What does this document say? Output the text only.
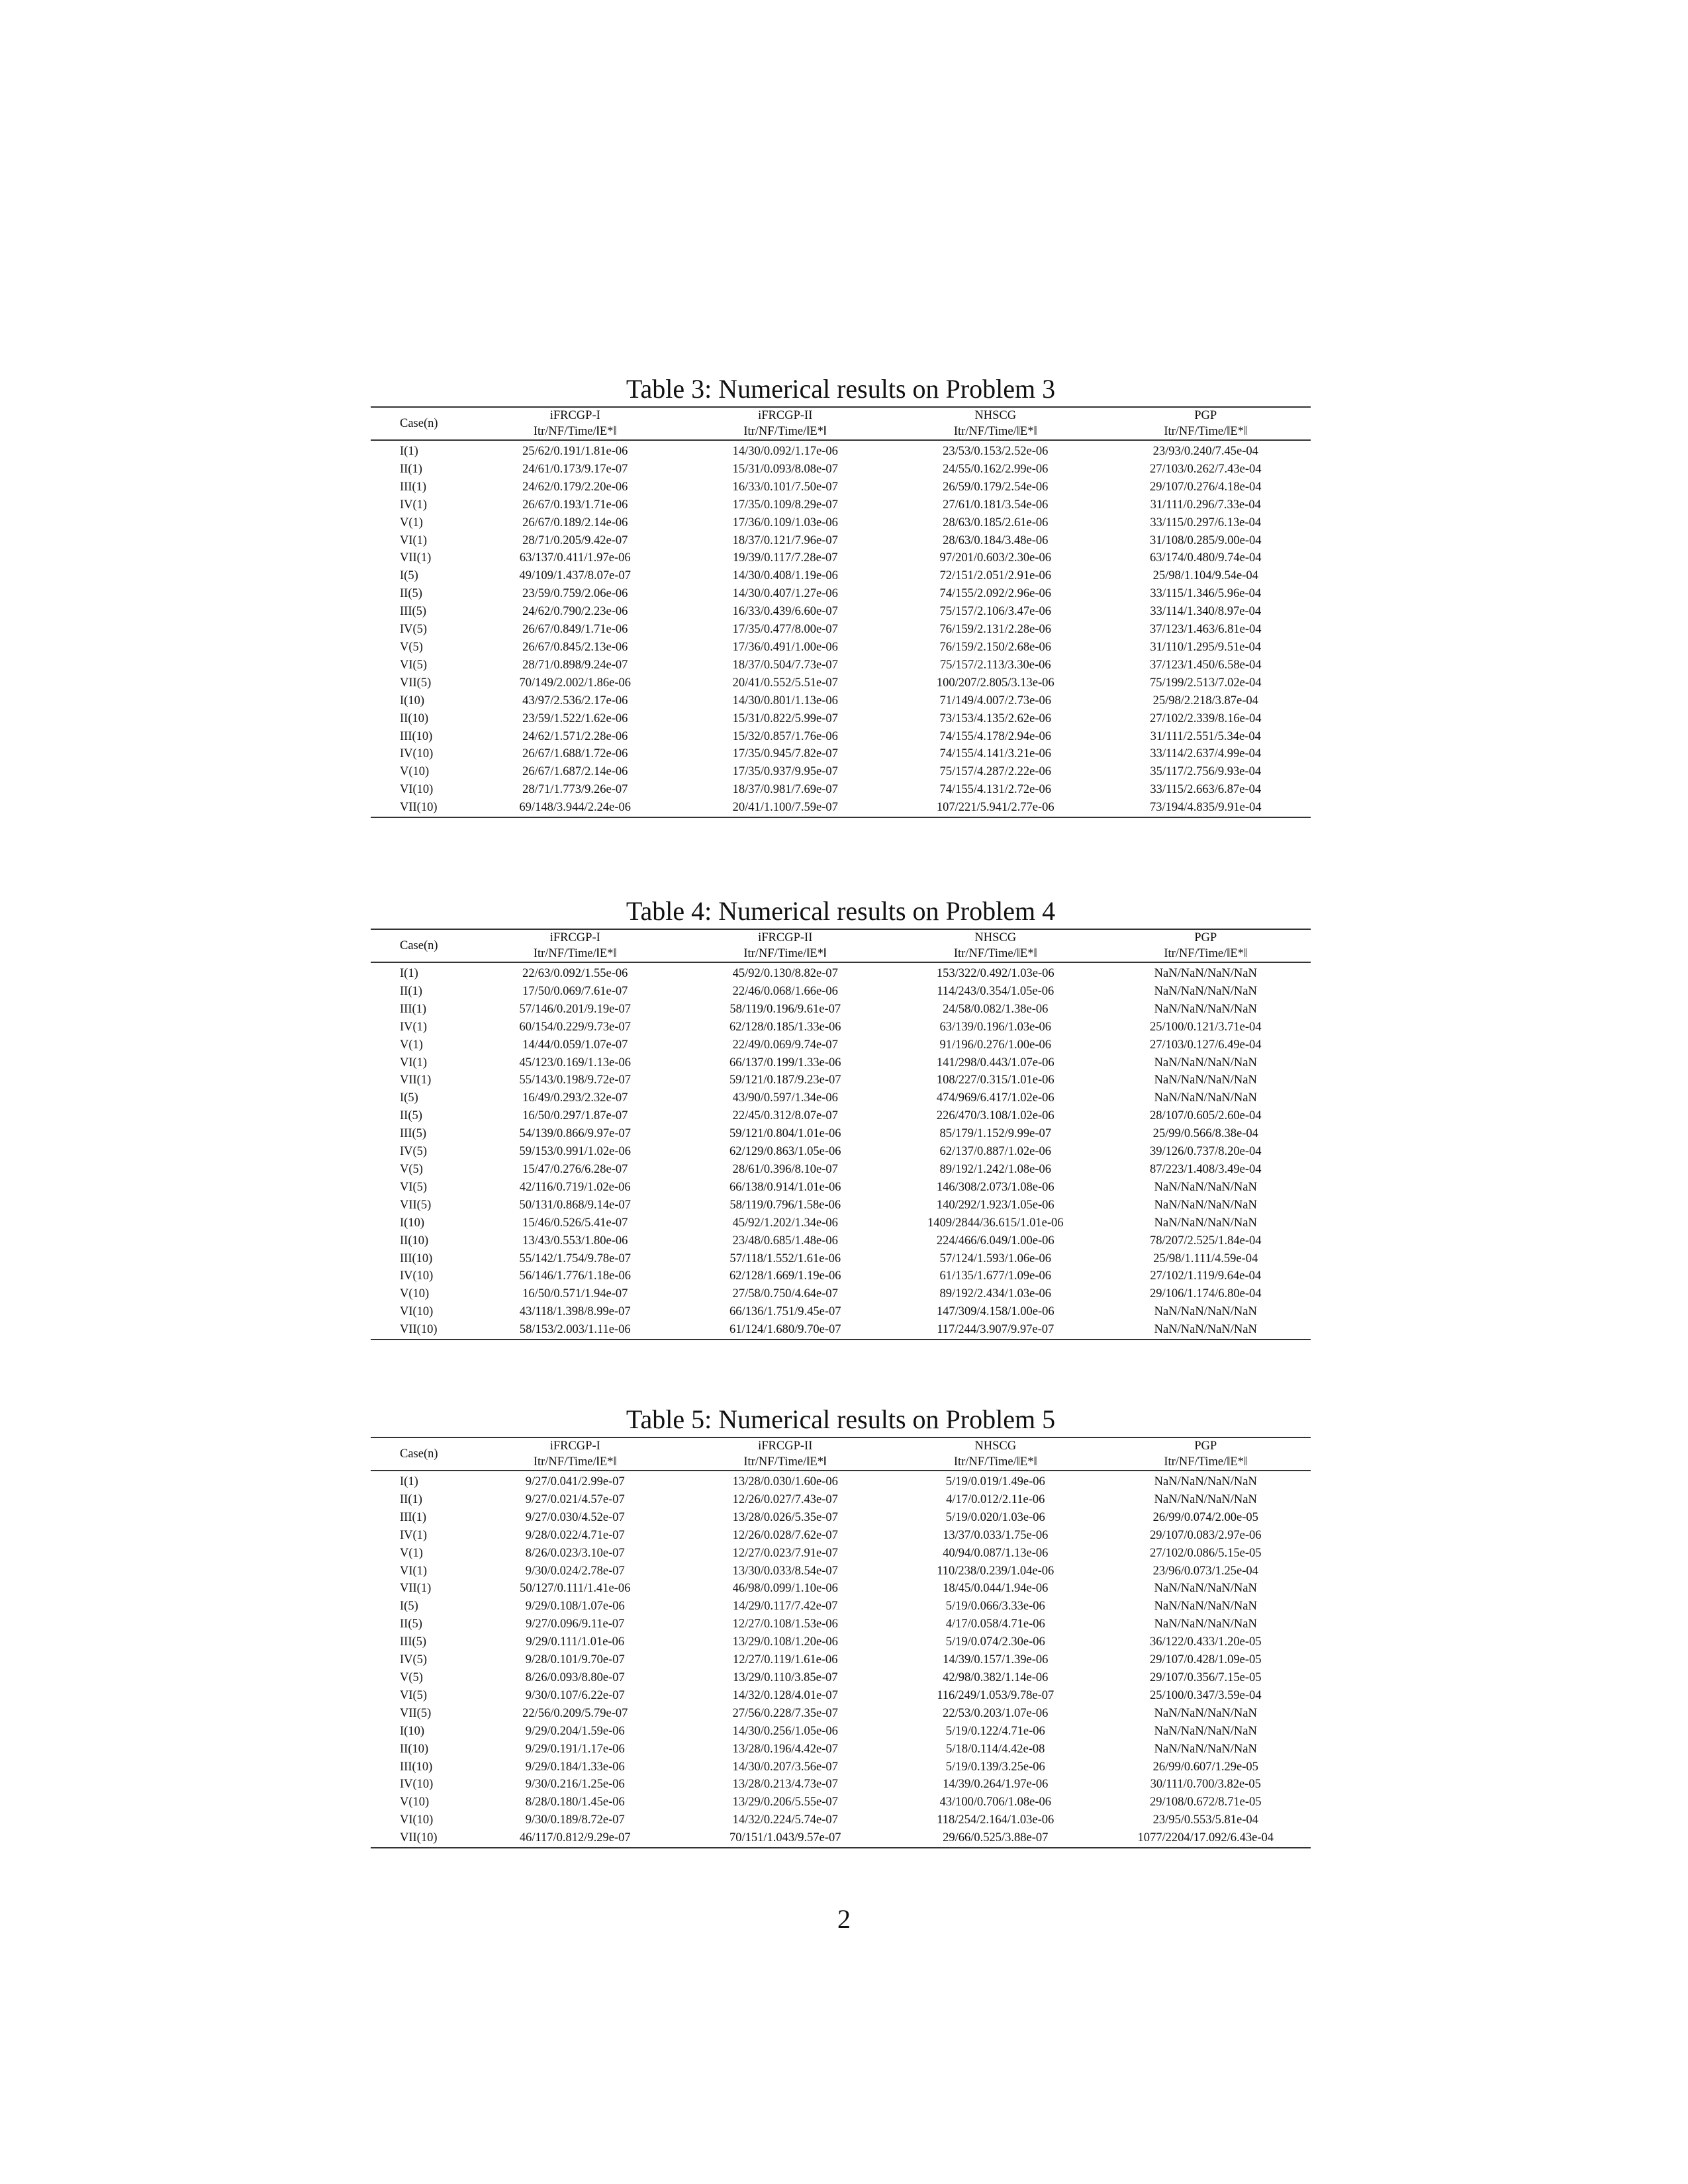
Table 3: Numerical results on Problem 3
Case(n)	iFRCGP-I	iFRCGP-II	NHSCG	PGP
	Itr/NF/Time/‖E*‖	Itr/NF/Time/‖E*‖	Itr/NF/Time/‖E*‖	Itr/NF/Time/‖E*‖
I(1)	25/62/0.191/1.81e-06	14/30/0.092/1.17e-06	23/53/0.153/2.52e-06	23/93/0.240/7.45e-04
II(1)	24/61/0.173/9.17e-07	15/31/0.093/8.08e-07	24/55/0.162/2.99e-06	27/103/0.262/7.43e-04
III(1)	24/62/0.179/2.20e-06	16/33/0.101/7.50e-07	26/59/0.179/2.54e-06	29/107/0.276/4.18e-04
IV(1)	26/67/0.193/1.71e-06	17/35/0.109/8.29e-07	27/61/0.181/3.54e-06	31/111/0.296/7.33e-04
V(1)	26/67/0.189/2.14e-06	17/36/0.109/1.03e-06	28/63/0.185/2.61e-06	33/115/0.297/6.13e-04
VI(1)	28/71/0.205/9.42e-07	18/37/0.121/7.96e-07	28/63/0.184/3.48e-06	31/108/0.285/9.00e-04
VII(1)	63/137/0.411/1.97e-06	19/39/0.117/7.28e-07	97/201/0.603/2.30e-06	63/174/0.480/9.74e-04
I(5)	49/109/1.437/8.07e-07	14/30/0.408/1.19e-06	72/151/2.051/2.91e-06	25/98/1.104/9.54e-04
II(5)	23/59/0.759/2.06e-06	14/30/0.407/1.27e-06	74/155/2.092/2.96e-06	33/115/1.346/5.96e-04
III(5)	24/62/0.790/2.23e-06	16/33/0.439/6.60e-07	75/157/2.106/3.47e-06	33/114/1.340/8.97e-04
IV(5)	26/67/0.849/1.71e-06	17/35/0.477/8.00e-07	76/159/2.131/2.28e-06	37/123/1.463/6.81e-04
V(5)	26/67/0.845/2.13e-06	17/36/0.491/1.00e-06	76/159/2.150/2.68e-06	31/110/1.295/9.51e-04
VI(5)	28/71/0.898/9.24e-07	18/37/0.504/7.73e-07	75/157/2.113/3.30e-06	37/123/1.450/6.58e-04
VII(5)	70/149/2.002/1.86e-06	20/41/0.552/5.51e-07	100/207/2.805/3.13e-06	75/199/2.513/7.02e-04
I(10)	43/97/2.536/2.17e-06	14/30/0.801/1.13e-06	71/149/4.007/2.73e-06	25/98/2.218/3.87e-04
II(10)	23/59/1.522/1.62e-06	15/31/0.822/5.99e-07	73/153/4.135/2.62e-06	27/102/2.339/8.16e-04
III(10)	24/62/1.571/2.28e-06	15/32/0.857/1.76e-06	74/155/4.178/2.94e-06	31/111/2.551/5.34e-04
IV(10)	26/67/1.688/1.72e-06	17/35/0.945/7.82e-07	74/155/4.141/3.21e-06	33/114/2.637/4.99e-04
V(10)	26/67/1.687/2.14e-06	17/35/0.937/9.95e-07	75/157/4.287/2.22e-06	35/117/2.756/9.93e-04
VI(10)	28/71/1.773/9.26e-07	18/37/0.981/7.69e-07	74/155/4.131/2.72e-06	33/115/2.663/6.87e-04
VII(10)	69/148/3.944/2.24e-06	20/41/1.100/7.59e-07	107/221/5.941/2.77e-06	73/194/4.835/9.91e-04
Table 4: Numerical results on Problem 4
Case(n)	iFRCGP-I	iFRCGP-II	NHSCG	PGP
	Itr/NF/Time/‖E*‖	Itr/NF/Time/‖E*‖	Itr/NF/Time/‖E*‖	Itr/NF/Time/‖E*‖
I(1)	22/63/0.092/1.55e-06	45/92/0.130/8.82e-07	153/322/0.492/1.03e-06	NaN/NaN/NaN/NaN
II(1)	17/50/0.069/7.61e-07	22/46/0.068/1.66e-06	114/243/0.354/1.05e-06	NaN/NaN/NaN/NaN
III(1)	57/146/0.201/9.19e-07	58/119/0.196/9.61e-07	24/58/0.082/1.38e-06	NaN/NaN/NaN/NaN
IV(1)	60/154/0.229/9.73e-07	62/128/0.185/1.33e-06	63/139/0.196/1.03e-06	25/100/0.121/3.71e-04
V(1)	14/44/0.059/1.07e-07	22/49/0.069/9.74e-07	91/196/0.276/1.00e-06	27/103/0.127/6.49e-04
VI(1)	45/123/0.169/1.13e-06	66/137/0.199/1.33e-06	141/298/0.443/1.07e-06	NaN/NaN/NaN/NaN
VII(1)	55/143/0.198/9.72e-07	59/121/0.187/9.23e-07	108/227/0.315/1.01e-06	NaN/NaN/NaN/NaN
I(5)	16/49/0.293/2.32e-07	43/90/0.597/1.34e-06	474/969/6.417/1.02e-06	NaN/NaN/NaN/NaN
II(5)	16/50/0.297/1.87e-07	22/45/0.312/8.07e-07	226/470/3.108/1.02e-06	28/107/0.605/2.60e-04
III(5)	54/139/0.866/9.97e-07	59/121/0.804/1.01e-06	85/179/1.152/9.99e-07	25/99/0.566/8.38e-04
IV(5)	59/153/0.991/1.02e-06	62/129/0.863/1.05e-06	62/137/0.887/1.02e-06	39/126/0.737/8.20e-04
V(5)	15/47/0.276/6.28e-07	28/61/0.396/8.10e-07	89/192/1.242/1.08e-06	87/223/1.408/3.49e-04
VI(5)	42/116/0.719/1.02e-06	66/138/0.914/1.01e-06	146/308/2.073/1.08e-06	NaN/NaN/NaN/NaN
VII(5)	50/131/0.868/9.14e-07	58/119/0.796/1.58e-06	140/292/1.923/1.05e-06	NaN/NaN/NaN/NaN
I(10)	15/46/0.526/5.41e-07	45/92/1.202/1.34e-06	1409/2844/36.615/1.01e-06	NaN/NaN/NaN/NaN
II(10)	13/43/0.553/1.80e-06	23/48/0.685/1.48e-06	224/466/6.049/1.00e-06	78/207/2.525/1.84e-04
III(10)	55/142/1.754/9.78e-07	57/118/1.552/1.61e-06	57/124/1.593/1.06e-06	25/98/1.111/4.59e-04
IV(10)	56/146/1.776/1.18e-06	62/128/1.669/1.19e-06	61/135/1.677/1.09e-06	27/102/1.119/9.64e-04
V(10)	16/50/0.571/1.94e-07	27/58/0.750/4.64e-07	89/192/2.434/1.03e-06	29/106/1.174/6.80e-04
VI(10)	43/118/1.398/8.99e-07	66/136/1.751/9.45e-07	147/309/4.158/1.00e-06	NaN/NaN/NaN/NaN
VII(10)	58/153/2.003/1.11e-06	61/124/1.680/9.70e-07	117/244/3.907/9.97e-07	NaN/NaN/NaN/NaN
Table 5: Numerical results on Problem 5
Case(n)	iFRCGP-I	iFRCGP-II	NHSCG	PGP
	Itr/NF/Time/‖E*‖	Itr/NF/Time/‖E*‖	Itr/NF/Time/‖E*‖	Itr/NF/Time/‖E*‖
I(1)	9/27/0.041/2.99e-07	13/28/0.030/1.60e-06	5/19/0.019/1.49e-06	NaN/NaN/NaN/NaN
II(1)	9/27/0.021/4.57e-07	12/26/0.027/7.43e-07	4/17/0.012/2.11e-06	NaN/NaN/NaN/NaN
III(1)	9/27/0.030/4.52e-07	13/28/0.026/5.35e-07	5/19/0.020/1.03e-06	26/99/0.074/2.00e-05
IV(1)	9/28/0.022/4.71e-07	12/26/0.028/7.62e-07	13/37/0.033/1.75e-06	29/107/0.083/2.97e-06
V(1)	8/26/0.023/3.10e-07	12/27/0.023/7.91e-07	40/94/0.087/1.13e-06	27/102/0.086/5.15e-05
VI(1)	9/30/0.024/2.78e-07	13/30/0.033/8.54e-07	110/238/0.239/1.04e-06	23/96/0.073/1.25e-04
VII(1)	50/127/0.111/1.41e-06	46/98/0.099/1.10e-06	18/45/0.044/1.94e-06	NaN/NaN/NaN/NaN
I(5)	9/29/0.108/1.07e-06	14/29/0.117/7.42e-07	5/19/0.066/3.33e-06	NaN/NaN/NaN/NaN
II(5)	9/27/0.096/9.11e-07	12/27/0.108/1.53e-06	4/17/0.058/4.71e-06	NaN/NaN/NaN/NaN
III(5)	9/29/0.111/1.01e-06	13/29/0.108/1.20e-06	5/19/0.074/2.30e-06	36/122/0.433/1.20e-05
IV(5)	9/28/0.101/9.70e-07	12/27/0.119/1.61e-06	14/39/0.157/1.39e-06	29/107/0.428/1.09e-05
V(5)	8/26/0.093/8.80e-07	13/29/0.110/3.85e-07	42/98/0.382/1.14e-06	29/107/0.356/7.15e-05
VI(5)	9/30/0.107/6.22e-07	14/32/0.128/4.01e-07	116/249/1.053/9.78e-07	25/100/0.347/3.59e-04
VII(5)	22/56/0.209/5.79e-07	27/56/0.228/7.35e-07	22/53/0.203/1.07e-06	NaN/NaN/NaN/NaN
I(10)	9/29/0.204/1.59e-06	14/30/0.256/1.05e-06	5/19/0.122/4.71e-06	NaN/NaN/NaN/NaN
II(10)	9/29/0.191/1.17e-06	13/28/0.196/4.42e-07	5/18/0.114/4.42e-08	NaN/NaN/NaN/NaN
III(10)	9/29/0.184/1.33e-06	14/30/0.207/3.56e-07	5/19/0.139/3.25e-06	26/99/0.607/1.29e-05
IV(10)	9/30/0.216/1.25e-06	13/28/0.213/4.73e-07	14/39/0.264/1.97e-06	30/111/0.700/3.82e-05
V(10)	8/28/0.180/1.45e-06	13/29/0.206/5.55e-07	43/100/0.706/1.08e-06	29/108/0.672/8.71e-05
VI(10)	9/30/0.189/8.72e-07	14/32/0.224/5.74e-07	118/254/2.164/1.03e-06	23/95/0.553/5.81e-04
VII(10)	46/117/0.812/9.29e-07	70/151/1.043/9.57e-07	29/66/0.525/3.88e-07	1077/2204/17.092/6.43e-04
2
